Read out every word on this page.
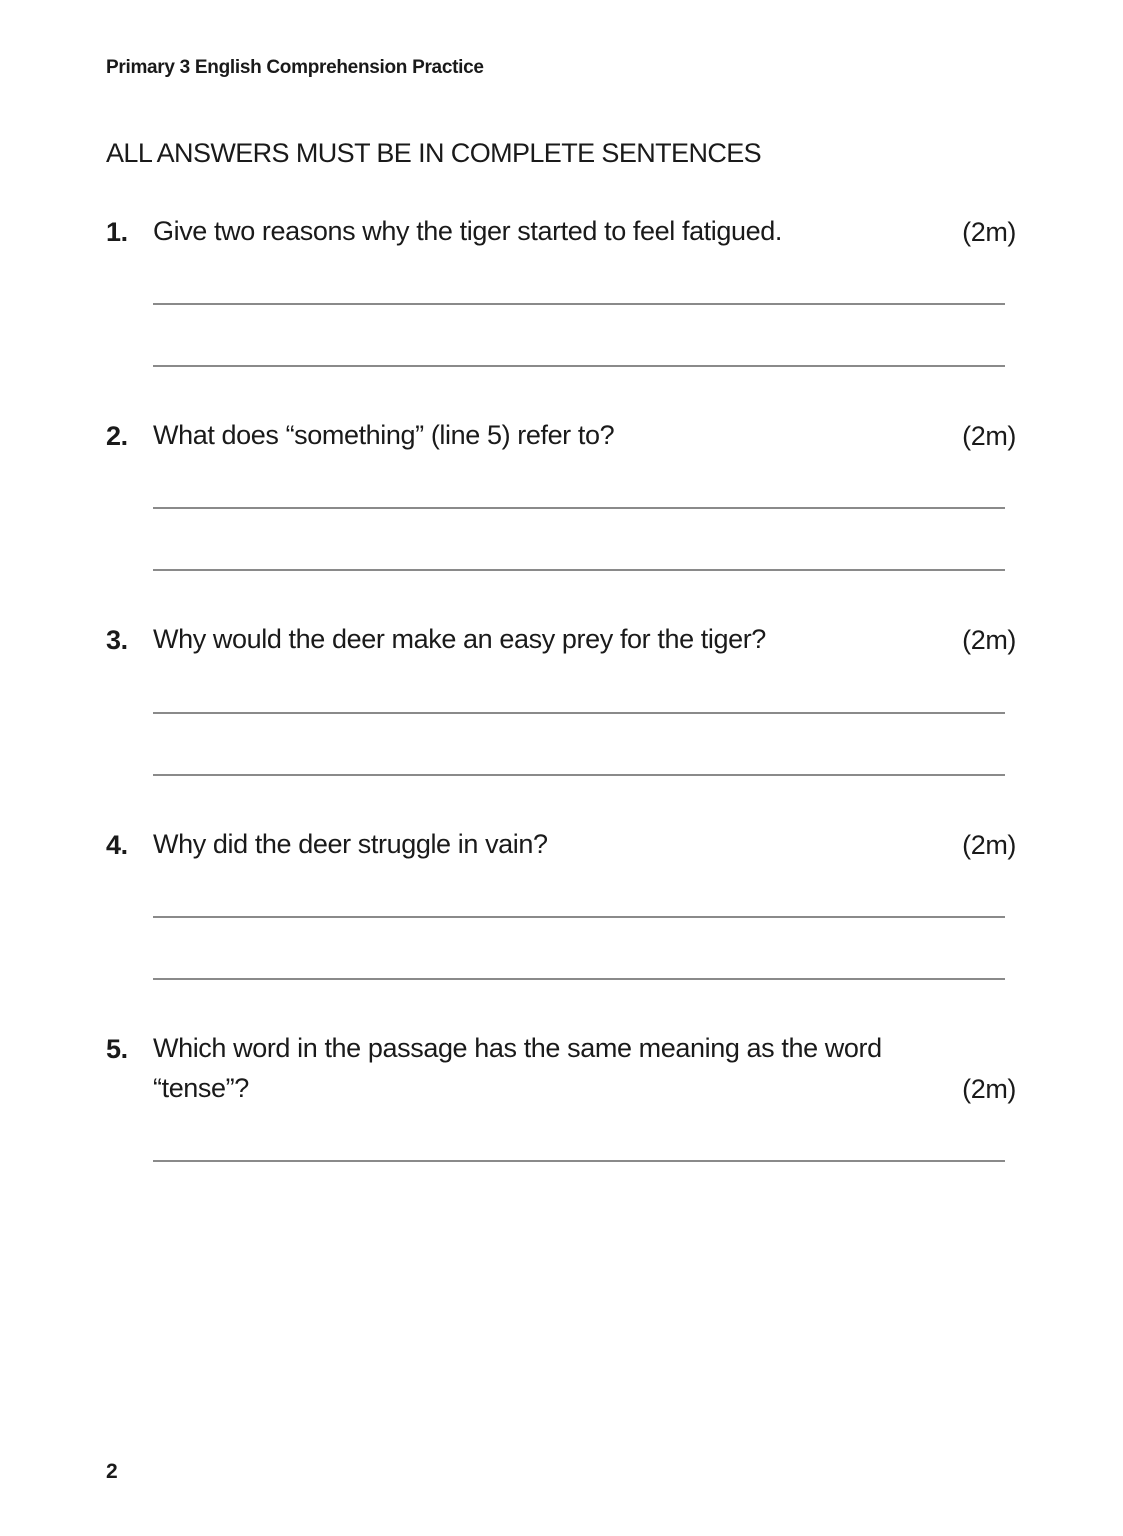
Primary 3 English Comprehension Practice
ALL ANSWERS MUST BE IN COMPLETE SENTENCES
1. Give two reasons why the tiger started to feel fatigued.	(2m)
2. What does “something” (line 5) refer to?	(2m)
3. Why would the deer make an easy prey for the tiger?	(2m)
4. Why did the deer struggle in vain?	(2m)
5. Which word in the passage has the same meaning as the word “tense”?	(2m)
2
